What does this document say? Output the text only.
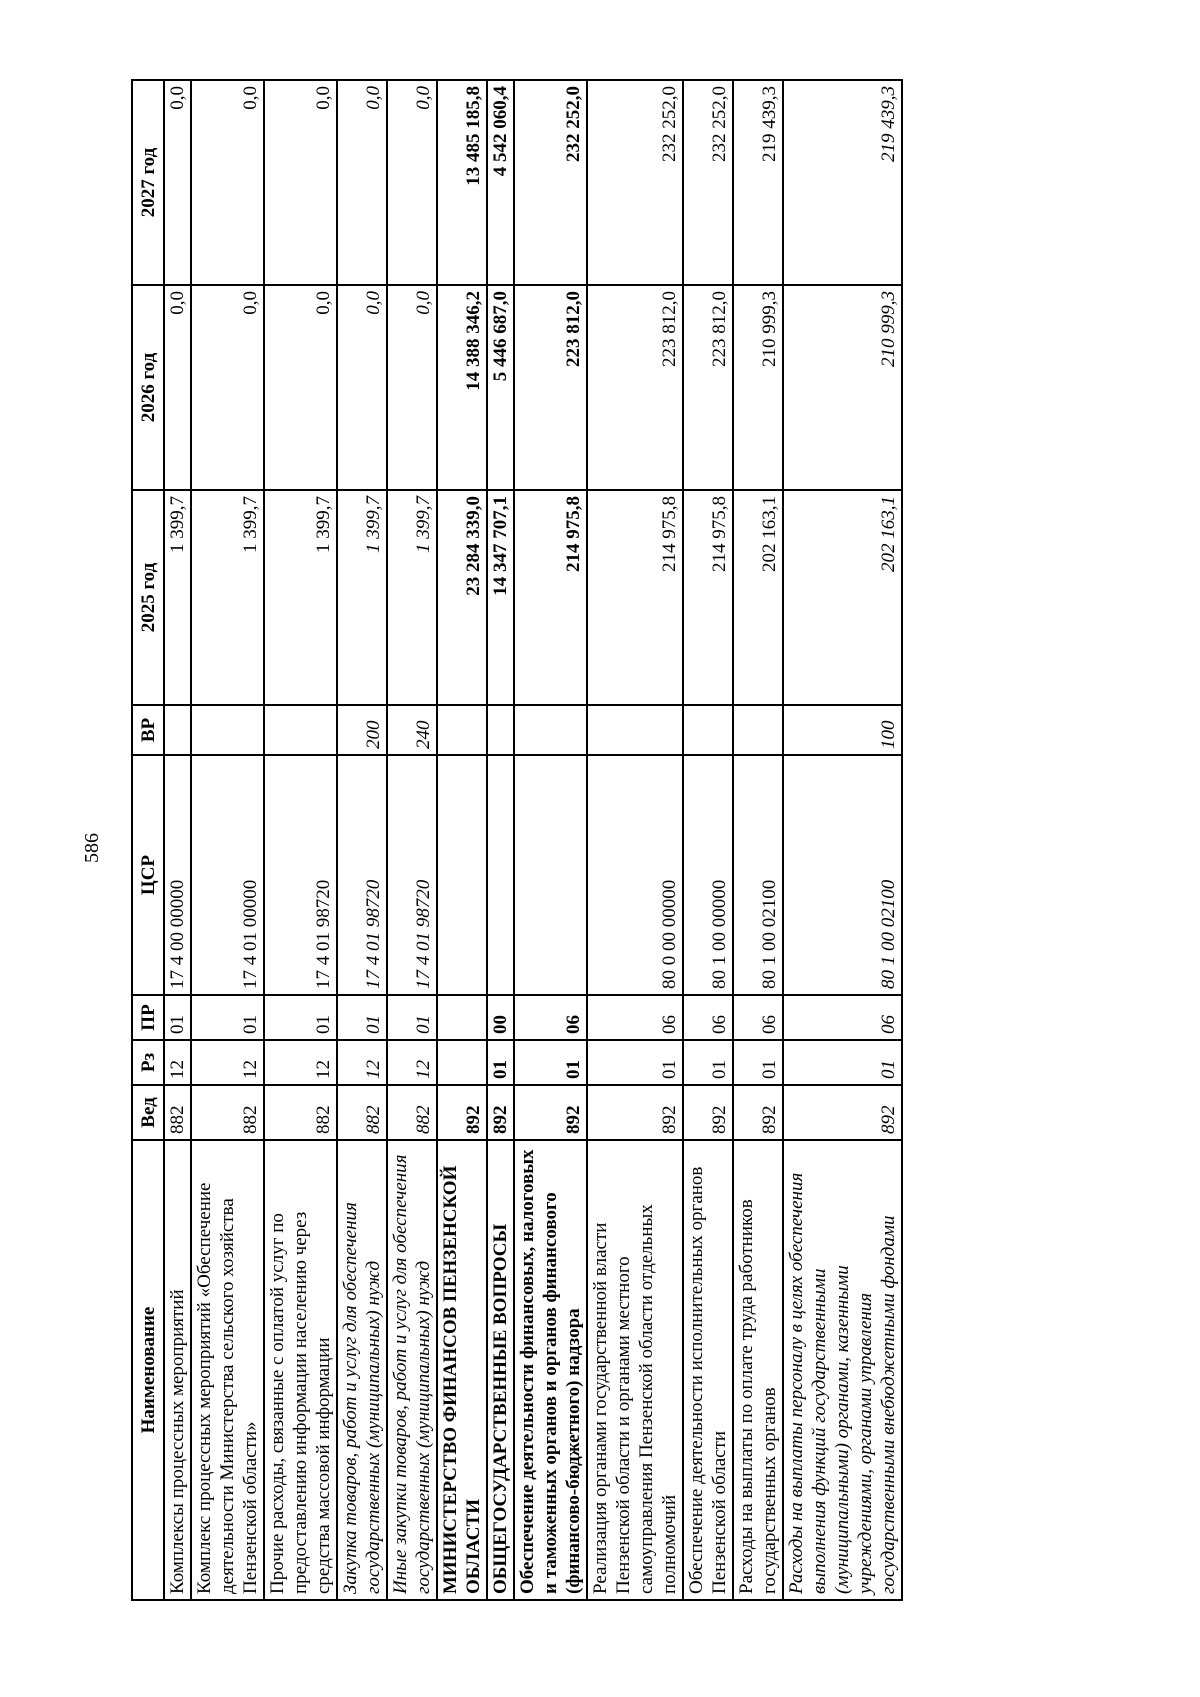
586
Наименование	Вед	Рз	ПР	ЦСР	ВР	2025 год	2026 год	2027 год
Комплексы процессных мероприятий	882	12	01	17 4 00 00000		1 399,7	0,0	0,0
Комплекс процессных мероприятий «Обеспечение деятельности Министерства сельского хозяйства Пензенской области»	882	12	01	17 4 01 00000		1 399,7	0,0	0,0
Прочие расходы, связанные с оплатой услуг по предоставлению информации населению через средства массовой информации	882	12	01	17 4 01 98720		1 399,7	0,0	0,0
Закупка товаров, работ и услуг для обеспечения государственных (муниципальных) нужд	882	12	01	17 4 01 98720	200	1 399,7	0,0	0,0
Иные закупки товаров, работ и услуг для обеспечения государственных (муниципальных) нужд	882	12	01	17 4 01 98720	240	1 399,7	0,0	0,0
МИНИСТЕРСТВО ФИНАНСОВ ПЕНЗЕНСКОЙ ОБЛАСТИ	892					23 284 339,0	14 388 346,2	13 485 185,8
ОБЩЕГОСУДАРСТВЕННЫЕ ВОПРОСЫ	892	01	00			14 347 707,1	5 446 687,0	4 542 060,4
Обеспечение деятельности финансовых, налоговых и таможенных органов и органов финансового (финансово-бюджетного) надзора	892	01	06			214 975,8	223 812,0	232 252,0
Реализация органами государственной власти Пензенской области и органами местного самоуправления Пензенской области отдельных полномочий	892	01	06	80 0 00 00000		214 975,8	223 812,0	232 252,0
Обеспечение деятельности исполнительных органов Пензенской области	892	01	06	80 1 00 00000		214 975,8	223 812,0	232 252,0
Расходы на выплаты по оплате труда работников государственных органов	892	01	06	80 1 00 02100		202 163,1	210 999,3	219 439,3
Расходы на выплаты персоналу в целях обеспечения выполнения функций государственными (муниципальными) органами, казенными учреждениями, органами управления государственными внебюджетными фондами	892	01	06	80 1 00 02100	100	202 163,1	210 999,3	219 439,3
